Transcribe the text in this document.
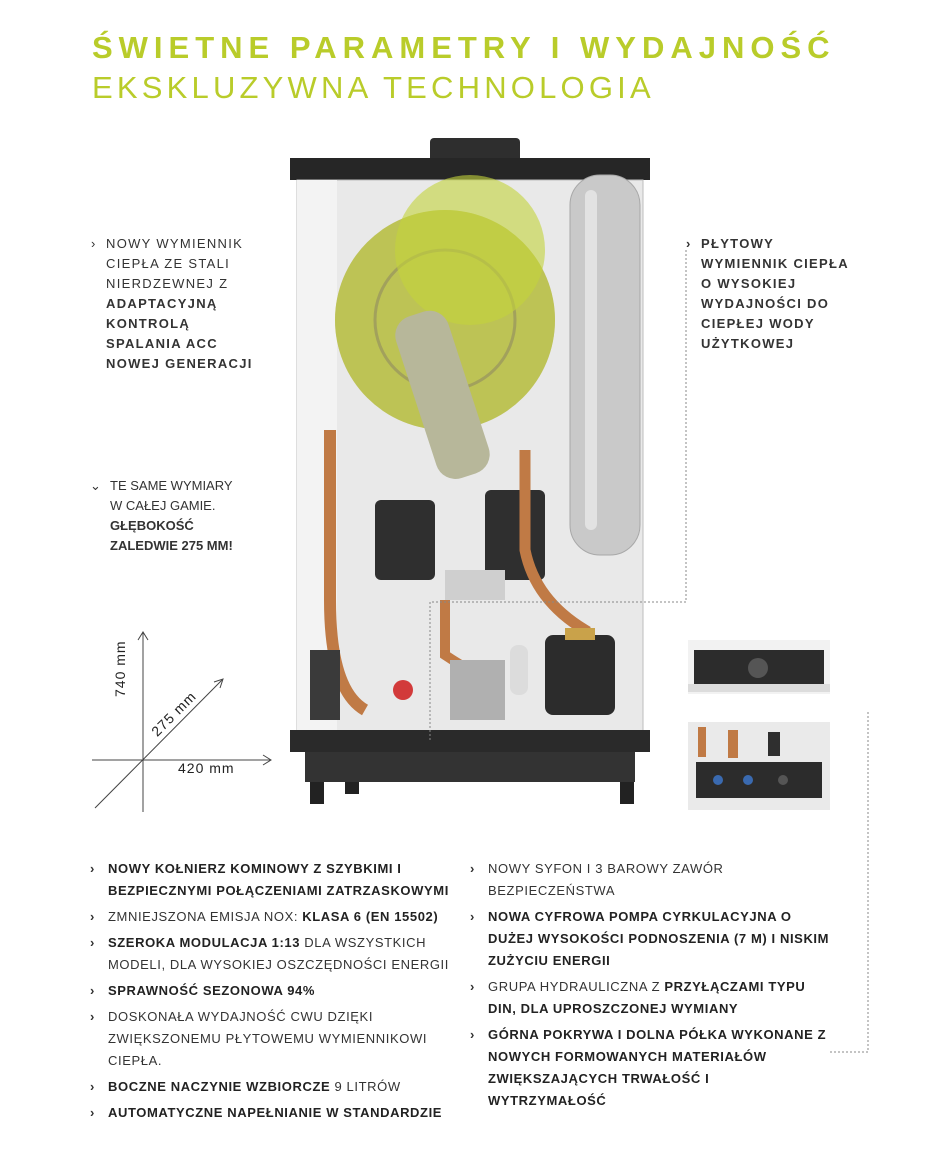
ŚWIETNE PARAMETRY I WYDAJNOŚĆ
EKSKLUZYWNA TECHNOLOGIA
› NOWY WYMIENNIK
CIEPŁA ZE STALI
NIERDZEWNEJ Z
ADAPTACYJNĄ
KONTROLĄ
SPALANIA ACC
NOWEJ GENERACJI
› PŁYTOWY
WYMIENNIK CIEPŁA
O WYSOKIEJ
WYDAJNOŚCI DO
CIEPŁEJ WODY
UŻYTKOWEJ
⌄ TE SAME WYMIARY
W CAŁEJ GAMIE.
GŁĘBOKOŚĆ
ZALEDWIE 275 MM!
740 mm
275 mm
420 mm
› NOWY KOŁNIERZ KOMINOWY Z SZYBKIMI I BEZPIECZNYMI POŁĄCZENIAMI ZATRZASKOWYMI
› ZMNIEJSZONA EMISJA NOX: KLASA 6 (EN 15502)
› SZEROKA MODULACJA 1:13 DLA WSZYSTKICH MODELI, DLA WYSOKIEJ OSZCZĘDNOŚCI ENERGII
› SPRAWNOŚĆ SEZONOWA 94%
› DOSKONAŁA WYDAJNOŚĆ CWU DZIĘKI ZWIĘKSZONEMU PŁYTOWEMU WYMIENNIKOWI CIEPŁA.
› BOCZNE NACZYNIE WZBIORCZE 9 LITRÓW
› AUTOMATYCZNE NAPEŁNIANIE W STANDARDZIE
› NOWY SYFON I 3 BAROWY ZAWÓR BEZPIECZEŃSTWA
› NOWA CYFROWA POMPA CYRKULACYJNA O DUŻEJ WYSOKOŚCI PODNOSZENIA (7 M) I NISKIM ZUŻYCIU ENERGII
› GRUPA HYDRAULICZNA Z PRZYŁĄCZAMI TYPU DIN, DLA UPROSZCZONEJ WYMIANY
› GÓRNA POKRYWA I DOLNA PÓŁKA WYKONANE Z NOWYCH FORMOWANYCH MATERIAŁÓW ZWIĘKSZAJĄCYCH TRWAŁOŚĆ I WYTRZYMAŁOŚĆ
